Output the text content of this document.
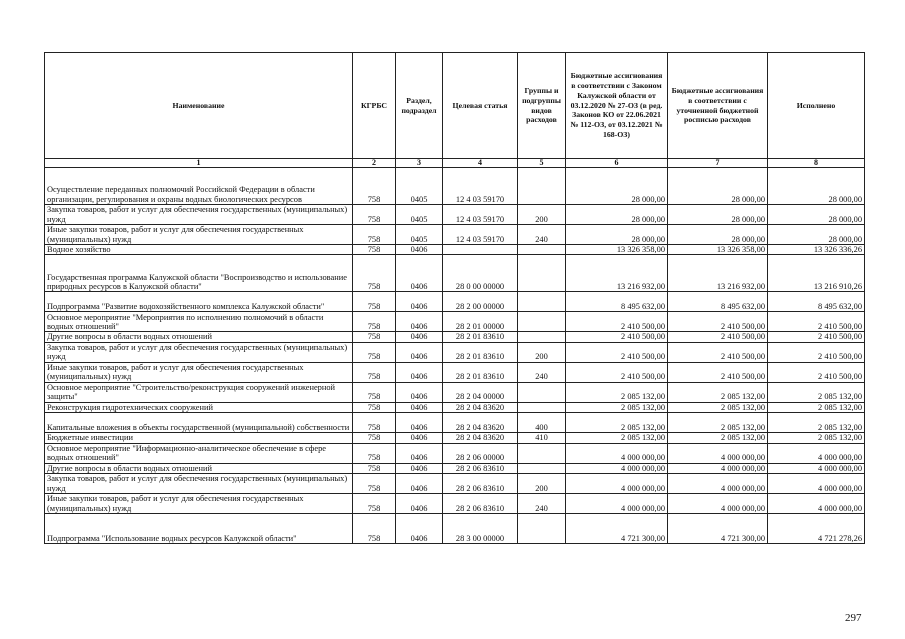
Наименование	КГРБС	Раздел, подраздел	Целевая статья	Группы и подгруппы видов расходов	Бюджетные ассигнования в соответствии с Законом Калужской области от 03.12.2020 № 27-ОЗ (в ред. Законов КО от 22.06.2021 № 112-ОЗ, от 03.12.2021 № 168-ОЗ)	Бюджетные ассигнования в соответствии с уточненной бюджетной росписью расходов	Исполнено
1	2	3	4	5	6	7	8
Осуществление переданных полномочий Российской Федерации в области организации, регулирования и охраны водных биологических ресурсов	758	0405	12 4 03 59170		28 000,00	28 000,00	28 000,00
Закупка товаров, работ и услуг для обеспечения государственных (муниципальных) нужд	758	0405	12 4 03 59170	200	28 000,00	28 000,00	28 000,00
Иные закупки товаров, работ и услуг для обеспечения государственных (муниципальных) нужд	758	0405	12 4 03 59170	240	28 000,00	28 000,00	28 000,00
Водное хозяйство	758	0406			13 326 358,00	13 326 358,00	13 326 336,26
Государственная программа Калужской области "Воспроизводство и использование природных ресурсов в Калужской области"	758	0406	28 0 00 00000		13 216 932,00	13 216 932,00	13 216 910,26
Подпрограмма "Развитие водохозяйственного комплекса Калужской области"	758	0406	28 2 00 00000		8 495 632,00	8 495 632,00	8 495 632,00
Основное мероприятие "Мероприятия по исполнению полномочий в области водных отношений"	758	0406	28 2 01 00000		2 410 500,00	2 410 500,00	2 410 500,00
Другие вопросы в области водных отношений	758	0406	28 2 01 83610		2 410 500,00	2 410 500,00	2 410 500,00
Закупка товаров, работ и услуг для обеспечения государственных (муниципальных) нужд	758	0406	28 2 01 83610	200	2 410 500,00	2 410 500,00	2 410 500,00
Иные закупки товаров, работ и услуг для обеспечения государственных (муниципальных) нужд	758	0406	28 2 01 83610	240	2 410 500,00	2 410 500,00	2 410 500,00
Основное мероприятие "Строительство/реконструкция сооружений инженерной защиты"	758	0406	28 2 04 00000		2 085 132,00	2 085 132,00	2 085 132,00
Реконструкция гидротехнических сооружений	758	0406	28 2 04 83620		2 085 132,00	2 085 132,00	2 085 132,00
Капитальные вложения в объекты государственной (муниципальной) собственности	758	0406	28 2 04 83620	400	2 085 132,00	2 085 132,00	2 085 132,00
Бюджетные инвестиции	758	0406	28 2 04 83620	410	2 085 132,00	2 085 132,00	2 085 132,00
Основное мероприятие "Информационно-аналитическое обеспечение в сфере водных отношений"	758	0406	28 2 06 00000		4 000 000,00	4 000 000,00	4 000 000,00
Другие вопросы в области водных отношений	758	0406	28 2 06 83610		4 000 000,00	4 000 000,00	4 000 000,00
Закупка товаров, работ и услуг для обеспечения государственных (муниципальных) нужд	758	0406	28 2 06 83610	200	4 000 000,00	4 000 000,00	4 000 000,00
Иные закупки товаров, работ и услуг для обеспечения государственных (муниципальных) нужд	758	0406	28 2 06 83610	240	4 000 000,00	4 000 000,00	4 000 000,00
Подпрограмма "Использование водных ресурсов Калужской области"	758	0406	28 3 00 00000		4 721 300,00	4 721 300,00	4 721 278,26
297
